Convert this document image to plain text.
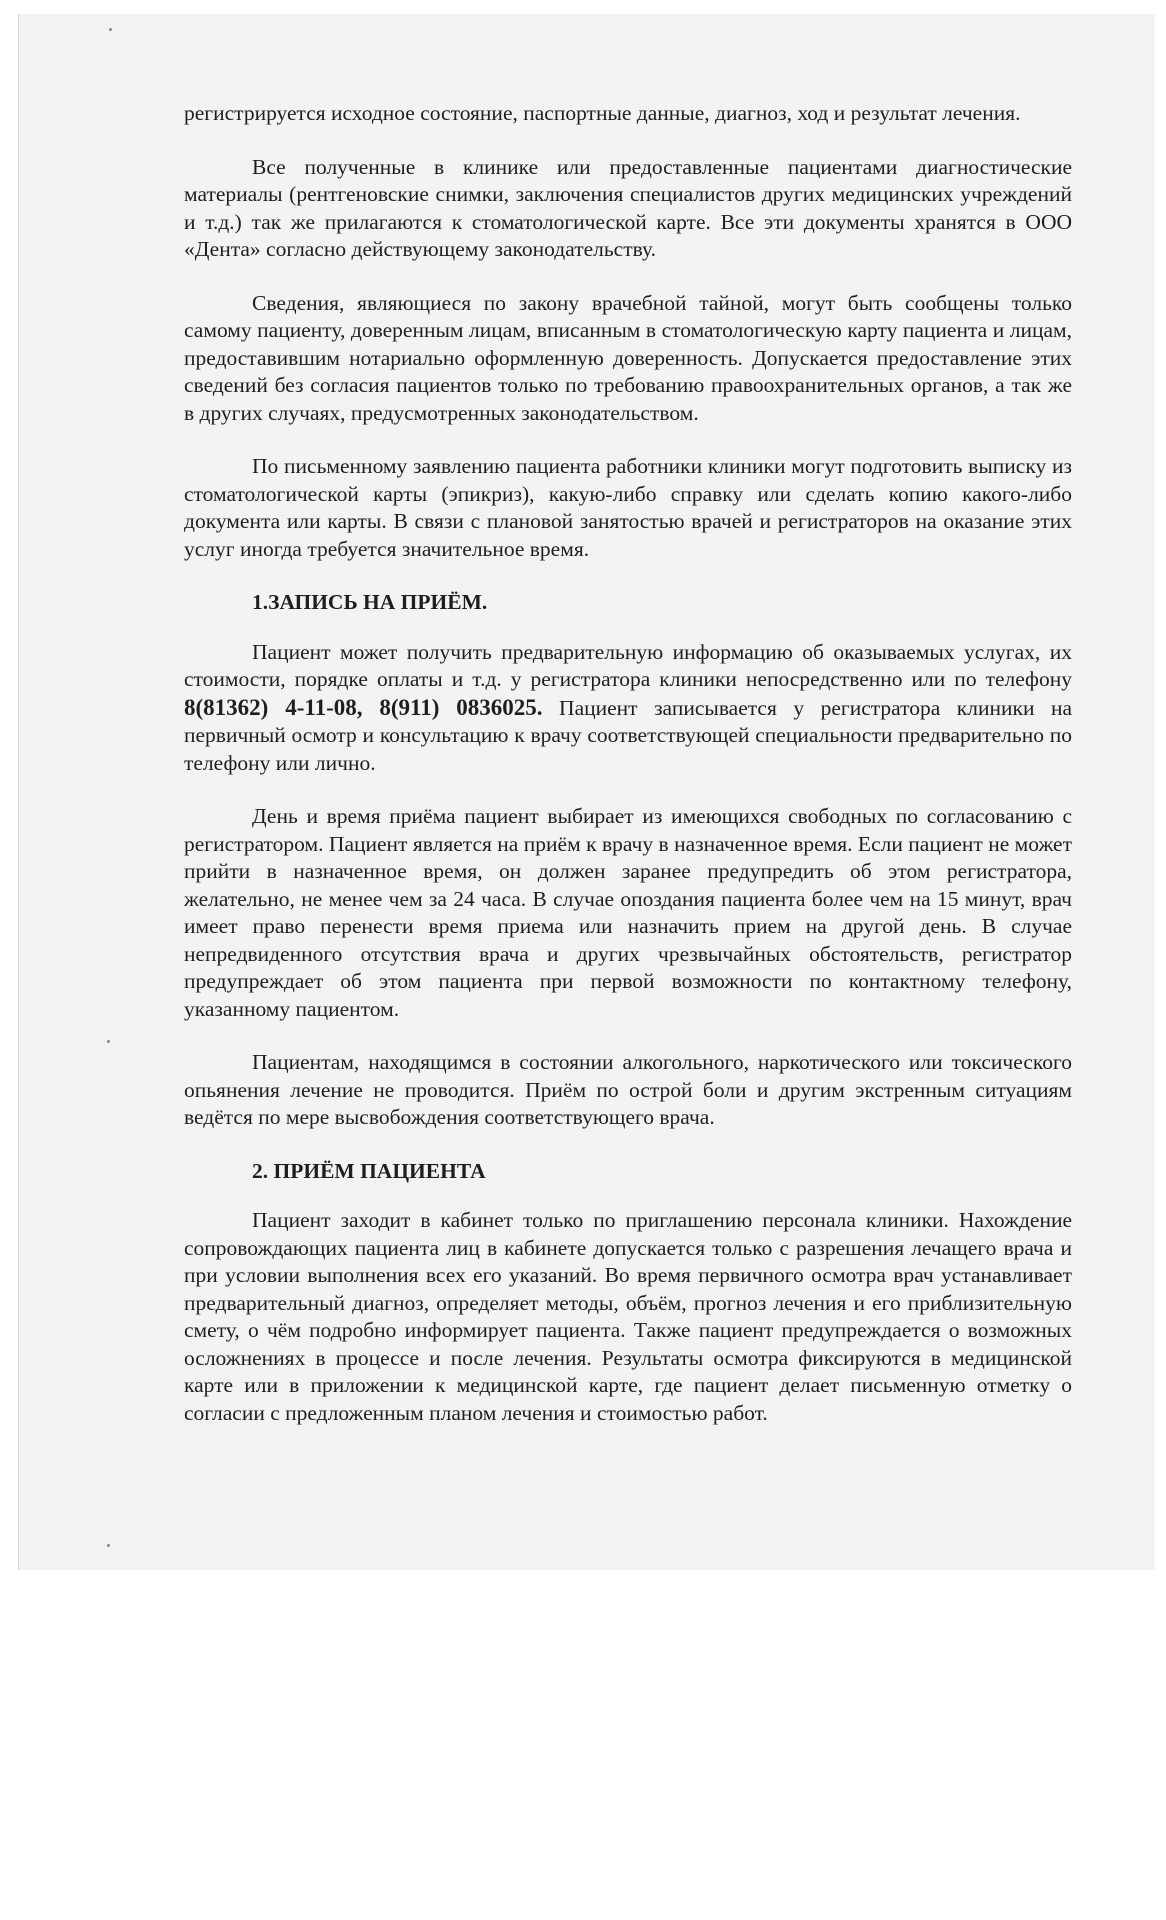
регистрируется исходное состояние, паспортные данные, диагноз, ход и результат лечения.

Все полученные в клинике или предоставленные пациентами диагностические материалы (рентгеновские снимки, заключения специалистов других медицинских учреждений и т.д.) так же прилагаются к стоматологической карте. Все эти документы хранятся в ООО «Дента» согласно действующему законодательству.

Сведения, являющиеся по закону врачебной тайной, могут быть сообщены только самому пациенту, доверенным лицам, вписанным в стоматологическую карту пациента и лицам, предоставившим нотариально оформленную доверенность. Допускается предоставление этих сведений без согласия пациентов только по требованию правоохранительных органов, а так же в других случаях, предусмотренных законодательством.

По письменному заявлению пациента работники клиники могут подготовить выписку из стоматологической карты (эпикриз), какую-либо справку или сделать копию какого-либо документа или карты. В связи с плановой занятостью врачей и регистраторов на оказание этих услуг иногда требуется значительное время.

1.ЗАПИСЬ НА ПРИЁМ.

Пациент может получить предварительную информацию об оказываемых услугах, их стоимости, порядке оплаты и т.д. у регистратора клиники непосредственно или по телефону 8(81362) 4-11-08, 8(911) 0836025. Пациент записывается у регистратора клиники на первичный осмотр и консультацию к врачу соответствующей специальности предварительно по телефону или лично.

День и время приёма пациент выбирает из имеющихся свободных по согласованию с регистратором. Пациент является на приём к врачу в назначенное время. Если пациент не может прийти в назначенное время, он должен заранее предупредить об этом регистратора, желательно, не менее чем за 24 часа. В случае опоздания пациента более чем на 15 минут, врач имеет право перенести время приема или назначить прием на другой день. В случае непредвиденного отсутствия врача и других чрезвычайных обстоятельств, регистратор предупреждает об этом пациента при первой возможности по контактному телефону, указанному пациентом.

Пациентам, находящимся в состоянии алкогольного, наркотического или токсического опьянения лечение не проводится. Приём по острой боли и другим экстренным ситуациям ведётся по мере высвобождения соответствующего врача.

2. ПРИЁМ ПАЦИЕНТА

Пациент заходит в кабинет только по приглашению персонала клиники. Нахождение сопровождающих пациента лиц в кабинете допускается только с разрешения лечащего врача и при условии выполнения всех его указаний. Во время первичного осмотра врач устанавливает предварительный диагноз, определяет методы, объём, прогноз лечения и его приблизительную смету, о чём подробно информирует пациента. Также пациент предупреждается о возможных осложнениях в процессе и после лечения. Результаты осмотра фиксируются в медицинской карте или в приложении к медицинской карте, где пациент делает письменную отметку о согласии с предложенным планом лечения и стоимостью работ.
